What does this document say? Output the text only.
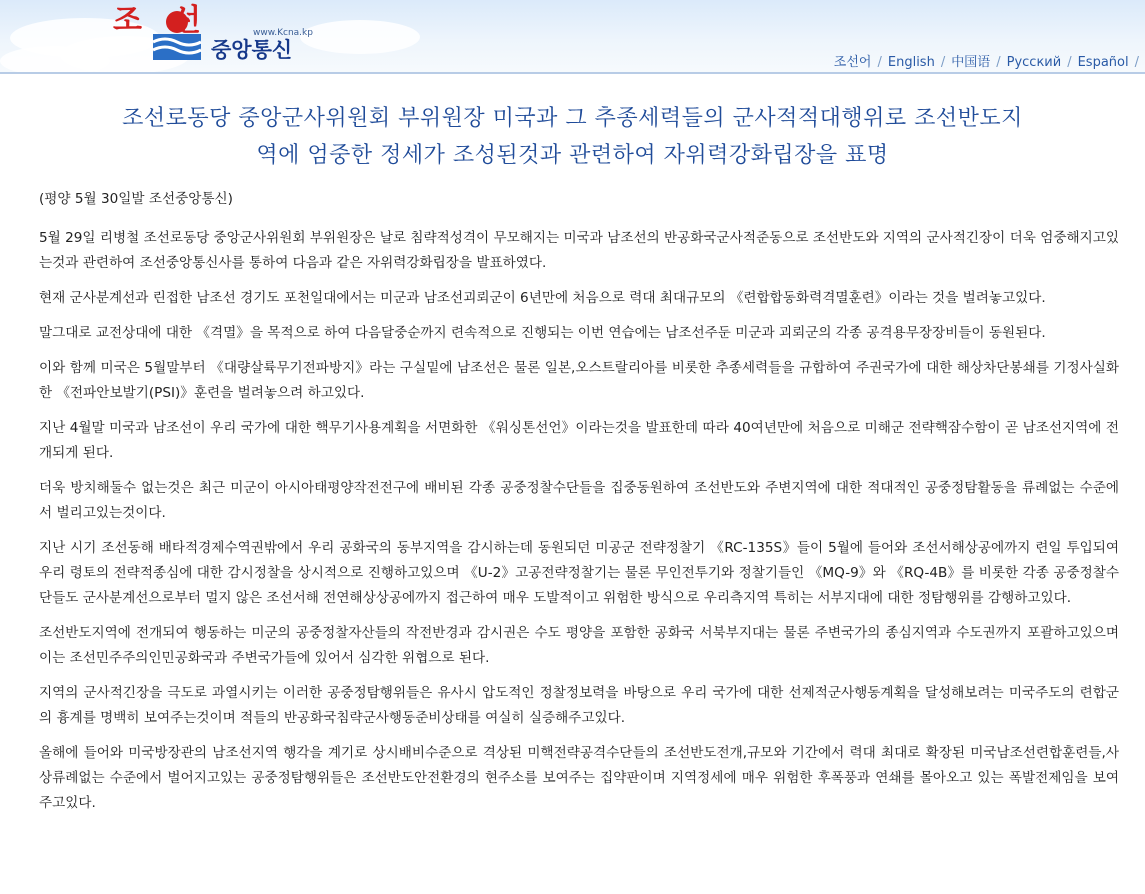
조선 www.Kcna.kp
중앙통신
조선어 / English / 中国语 / Русский / Español /
조선로동당 중앙군사위원회 부위원장 미국과 그 추종세력들의 군사적적대행위로 조선반도지
역에 엄중한 정세가 조성된것과 관련하여 자위력강화립장을 표명

(평양 5월 30일발 조선중앙통신)

5월 29일 리병철 조선로동당 중앙군사위원회 부위원장은 날로 침략적성격이 무모해지는 미국과 남조선의 반공화국군사적준동으로 조선반도와 지역의 군사적긴장이 더욱 엄중해지고있는것과 관련하여 조선중앙통신사를 통하여 다음과 같은 자위력강화립장을 발표하였다.

현재 군사분계선과 린접한 남조선 경기도 포천일대에서는 미군과 남조선괴뢰군이 6년만에 처음으로 력대 최대규모의 《련합합동화력격멸훈련》이라는 것을 벌려놓고있다.

말그대로 교전상대에 대한 《격멸》을 목적으로 하여 다음달중순까지 련속적으로 진행되는 이번 연습에는 남조선주둔 미군과 괴뢰군의 각종 공격용무장장비들이 동원된다.

이와 함께 미국은 5월말부터 《대량살륙무기전파방지》라는 구실밑에 남조선은 물론 일본,오스트랄리아를 비롯한 추종세력들을 규합하여 주권국가에 대한 해상차단봉쇄를 기정사실화한 《전파안보발기(PSI)》훈련을 벌려놓으려 하고있다.

지난 4월말 미국과 남조선이 우리 국가에 대한 핵무기사용계획을 서면화한 《워싱톤선언》이라는것을 발표한데 따라 40여년만에 처음으로 미해군 전략핵잠수함이 곧 남조선지역에 전개되게 된다.

더욱 방치해둘수 없는것은 최근 미군이 아시아태평양작전전구에 배비된 각종 공중정찰수단들을 집중동원하여 조선반도와 주변지역에 대한 적대적인 공중정탐활동을 류례없는 수준에서 벌리고있는것이다.

지난 시기 조선동해 배타적경제수역권밖에서 우리 공화국의 동부지역을 감시하는데 동원되던 미공군 전략정찰기 《RC-135S》들이 5월에 들어와 조선서해상공에까지 련일 투입되여 우리 령토의 전략적종심에 대한 감시정찰을 상시적으로 진행하고있으며 《U-2》고공전략정찰기는 물론 무인전투기와 정찰기들인 《MQ-9》와 《RQ-4B》를 비롯한 각종 공중정찰수단들도 군사분계선으로부터 멀지 않은 조선서해 전연해상상공에까지 접근하여 매우 도발적이고 위험한 방식으로 우리측지역 특히는 서부지대에 대한 정탐행위를 감행하고있다.

조선반도지역에 전개되여 행동하는 미군의 공중정찰자산들의 작전반경과 감시권은 수도 평양을 포함한 공화국 서북부지대는 물론 주변국가의 종심지역과 수도권까지 포괄하고있으며 이는 조선민주주의인민공화국과 주변국가들에 있어서 심각한 위협으로 된다.

지역의 군사적긴장을 극도로 과열시키는 이러한 공중정탐행위들은 유사시 압도적인 정찰정보력을 바탕으로 우리 국가에 대한 선제적군사행동계획을 달성해보려는 미국주도의 련합군의 흉계를 명백히 보여주는것이며 적들의 반공화국침략군사행동준비상태를 여실히 실증해주고있다.

올해에 들어와 미국방장관의 남조선지역 행각을 계기로 상시배비수준으로 격상된 미핵전략공격수단들의 조선반도전개,규모와 기간에서 력대 최대로 확장된 미국남조선련합훈련들,사상류례없는 수준에서 벌어지고있는 공중정탐행위들은 조선반도안전환경의 현주소를 보여주는 집약판이며 지역정세에 매우 위험한 후폭풍과 연쇄를 몰아오고 있는 폭발전제임을 보여주고있다.
